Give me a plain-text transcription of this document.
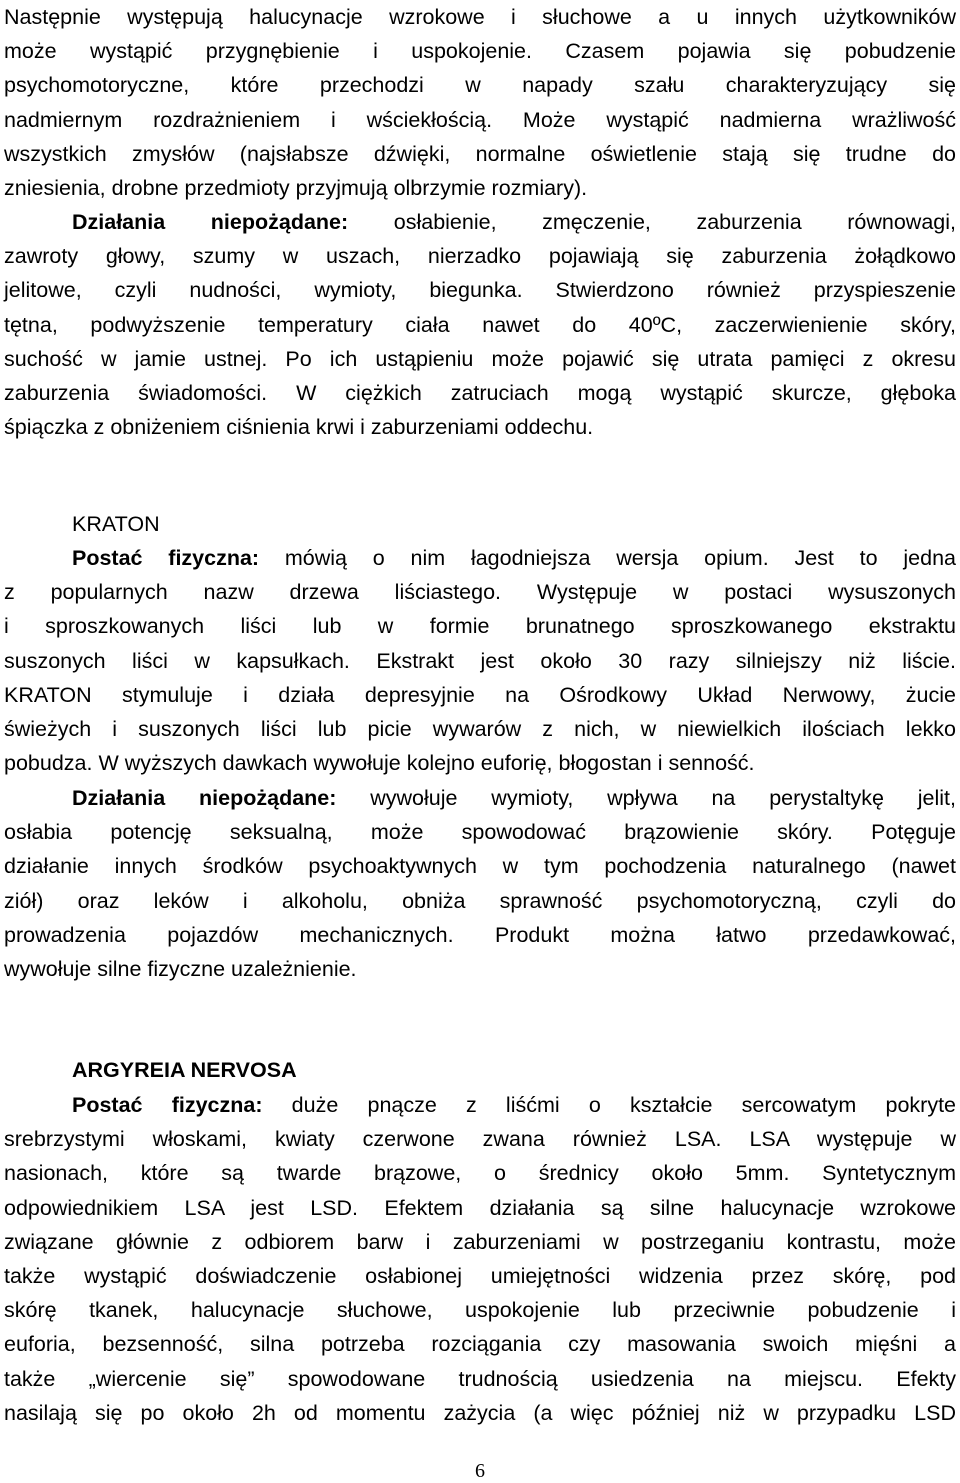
Następnie występują halucynacje wzrokowe i słuchowe a u innych użytkowników
może wystąpić przygnębienie i uspokojenie. Czasem pojawia się pobudzenie
psychomotoryczne, które przechodzi w napady szału charakteryzujący się
nadmiernym rozdrażnieniem i wściekłością. Może wystąpić nadmierna wrażliwość
wszystkich zmysłów (najsłabsze dźwięki, normalne oświetlenie stają się trudne do
zniesienia, drobne przedmioty przyjmują olbrzymie rozmiary).
Działania niepożądane: osłabienie, zmęczenie, zaburzenia równowagi,
zawroty głowy, szumy w uszach, nierzadko pojawiają się zaburzenia żołądkowo
jelitowe, czyli nudności, wymioty, biegunka. Stwierdzono również przyspieszenie
tętna, podwyższenie temperatury ciała nawet do 40ºC, zaczerwienienie skóry,
suchość w jamie ustnej. Po ich ustąpieniu może pojawić się utrata pamięci z okresu
zaburzenia świadomości. W ciężkich zatruciach mogą wystąpić skurcze, głęboka
śpiączka z obniżeniem ciśnienia krwi i zaburzeniami oddechu.
KRATON
Postać fizyczna: mówią o nim łagodniejsza wersja opium. Jest to jedna
z popularnych nazw drzewa liściastego. Występuje w postaci wysuszonych
i sproszkowanych liści lub w formie brunatnego sproszkowanego ekstraktu
suszonych liści w kapsułkach. Ekstrakt jest około 30 razy silniejszy niż liście.
KRATON stymuluje i działa depresyjnie na Ośrodkowy Układ Nerwowy, żucie
świeżych i suszonych liści lub picie wywarów z nich, w niewielkich ilościach lekko
pobudza. W wyższych dawkach wywołuje kolejno euforię, błogostan i senność.
Działania niepożądane: wywołuje wymioty, wpływa na perystaltykę jelit,
osłabia potencję seksualną, może spowodować brązowienie skóry. Potęguje
działanie innych środków psychoaktywnych w tym pochodzenia naturalnego (nawet
ziół) oraz leków i alkoholu, obniża sprawność psychomotoryczną, czyli do
prowadzenia pojazdów mechanicznych. Produkt można łatwo przedawkować,
wywołuje silne fizyczne uzależnienie.
ARGYREIA NERVOSA
Postać fizyczna: duże pnącze z liśćmi o kształcie sercowatym pokryte
srebrzystymi włoskami, kwiaty czerwone zwana również LSA. LSA występuje w
nasionach, które są twarde brązowe, o średnicy około 5mm. Syntetycznym
odpowiednikiem LSA jest LSD. Efektem działania są silne halucynacje wzrokowe
związane głównie z odbiorem barw i zaburzeniami w postrzeganiu kontrastu, może
także wystąpić doświadczenie osłabionej umiejętności widzenia przez skórę, pod
skórę tkanek, halucynacje słuchowe, uspokojenie lub przeciwnie pobudzenie i
euforia, bezsenność, silna potrzeba rozciągania czy masowania swoich mięśni a
także „wiercenie się” spowodowane trudnością usiedzenia na miejscu. Efekty
nasilają się po około 2h od momentu zażycia (a więc później niż w przypadku LSD
6
